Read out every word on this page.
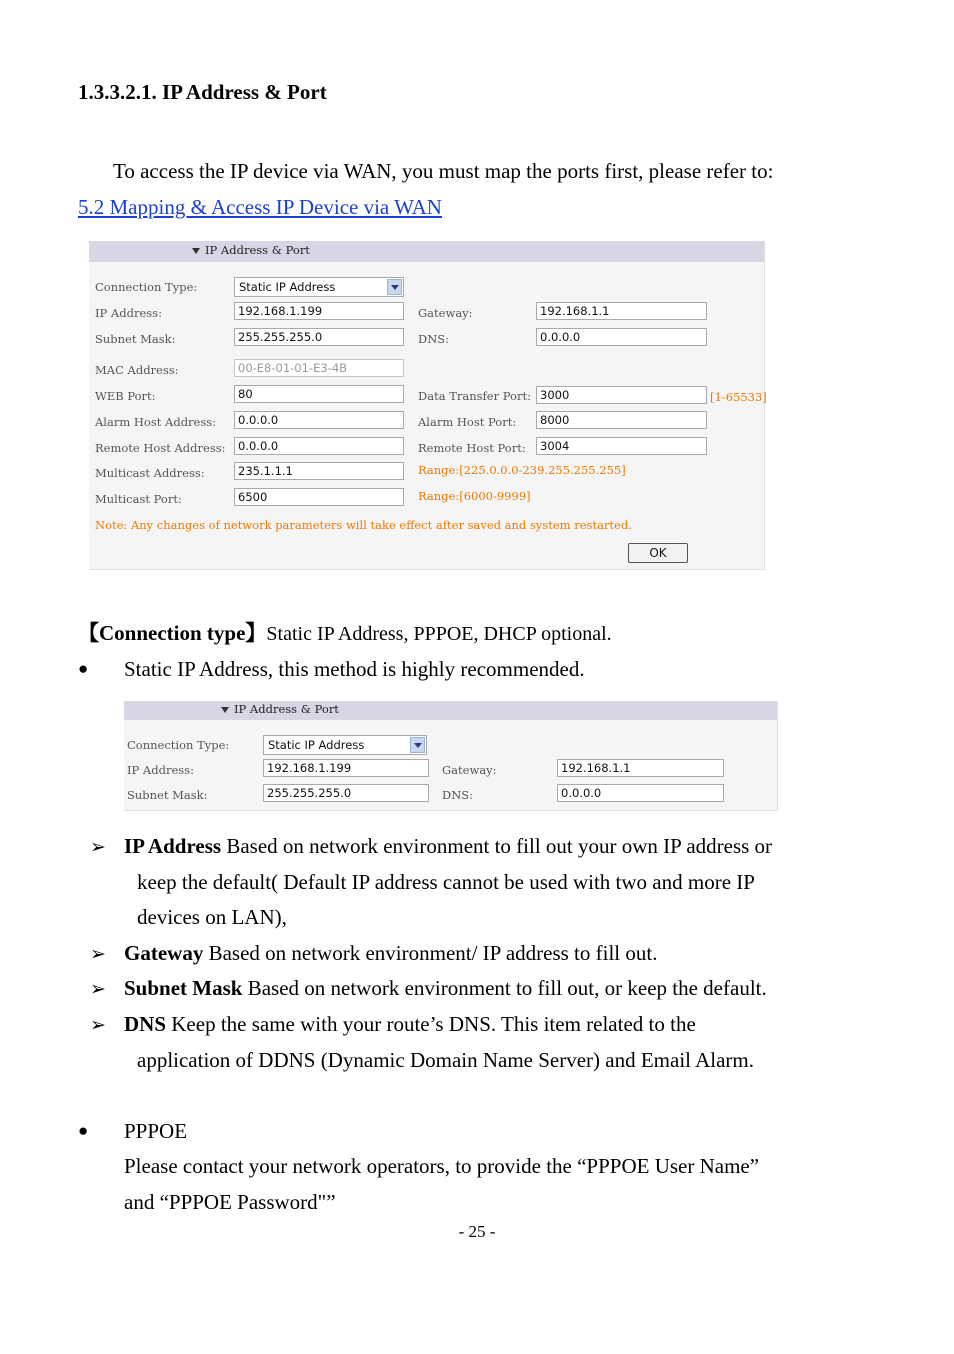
1.3.3.2.1. IP Address & Port
To access the IP device via WAN, you must map the ports first, please refer to:
5.2 Mapping & Access IP Device via WAN
IP Address & Port
Connection Type:	Static IP Address
IP Address:	192.168.1.199	Gateway:	192.168.1.1
Subnet Mask:	255.255.255.0	DNS:	0.0.0.0
MAC Address:	00-E8-01-01-E3-4B
WEB Port:	80	Data Transfer Port: 3000	[1-65533]
Alarm Host Address:	0.0.0.0	Alarm Host Port:	8000
Remote Host Address:	0.0.0.0	Remote Host Port:	3004
Multicast Address:	235.1.1.1	Range:[225.0.0.0-239.255.255.255]
Multicast Port:	6500	Range:[6000-9999]
Note: Any changes of network parameters will take effect after saved and system restarted.
OK
【Connection type】Static IP Address, PPPOE, DHCP optional.
● Static IP Address, this method is highly recommended.
IP Address & Port
Connection Type:	Static IP Address
IP Address:	192.168.1.199	Gateway:	192.168.1.1
Subnet Mask:	255.255.255.0	DNS:	0.0.0.0
➢ IP Address Based on network environment to fill out your own IP address or
keep the default( Default IP address cannot be used with two and more IP
devices on LAN),
➢ Gateway Based on network environment/ IP address to fill out.
➢ Subnet Mask Based on network environment to fill out, or keep the default.
➢ DNS Keep the same with your route’s DNS. This item related to the
application of DDNS (Dynamic Domain Name Server) and Email Alarm.
● PPPOE
Please contact your network operators, to provide the “PPPOE User Name”
and “PPPOE Password"”
- 25 -
